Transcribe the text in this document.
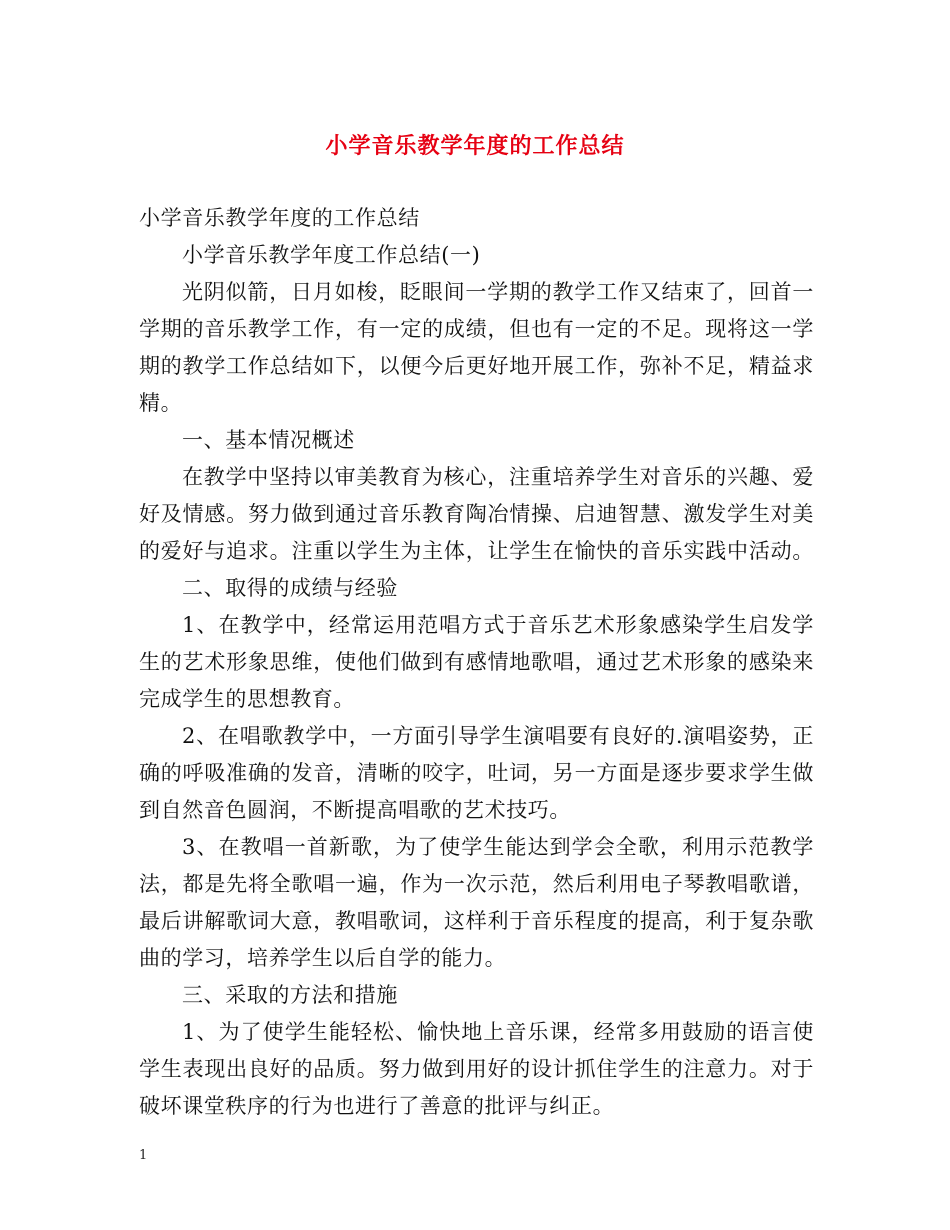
小学音乐教学年度的工作总结

小学音乐教学年度的工作总结

小学音乐教学年度工作总结(一)

光阴似箭，日月如梭，眨眼间一学期的教学工作又结束了，回首一

学期的音乐教学工作，有一定的成绩，但也有一定的不足。现将这一学

期的教学工作总结如下，以便今后更好地开展工作，弥补不足，精益求

精。

一、基本情况概述

在教学中坚持以审美教育为核心，注重培养学生对音乐的兴趣、爱

好及情感。努力做到通过音乐教育陶冶情操、启迪智慧、激发学生对美

的爱好与追求。注重以学生为主体，让学生在愉快的音乐实践中活动。

二、取得的成绩与经验

1、在教学中，经常运用范唱方式于音乐艺术形象感染学生启发学

生的艺术形象思维，使他们做到有感情地歌唱，通过艺术形象的感染来

完成学生的思想教育。

2、在唱歌教学中，一方面引导学生演唱要有良好的.演唱姿势，正

确的呼吸准确的发音，清晰的咬字，吐词，另一方面是逐步要求学生做

到自然音色圆润，不断提高唱歌的艺术技巧。

3、在教唱一首新歌，为了使学生能达到学会全歌，利用示范教学

法，都是先将全歌唱一遍，作为一次示范，然后利用电子琴教唱歌谱，

最后讲解歌词大意，教唱歌词，这样利于音乐程度的提高，利于复杂歌

曲的学习，培养学生以后自学的能力。

三、采取的方法和措施

1、为了使学生能轻松、愉快地上音乐课，经常多用鼓励的语言使

学生表现出良好的品质。努力做到用好的设计抓住学生的注意力。对于

破坏课堂秩序的行为也进行了善意的批评与纠正。

1
